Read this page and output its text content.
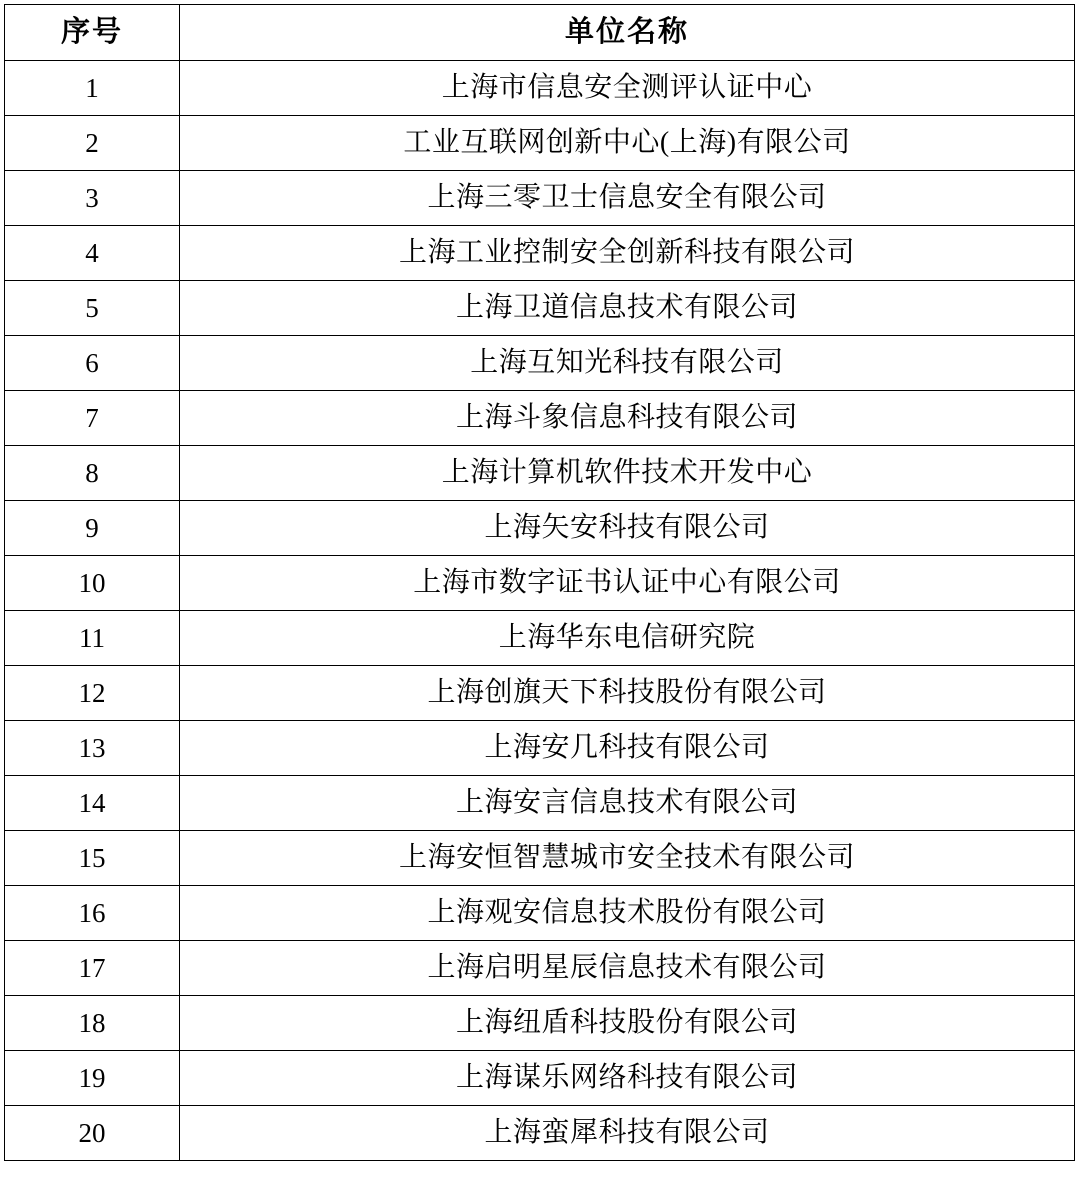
序号	单位名称
1	上海市信息安全测评认证中心
2	工业互联网创新中心(上海)有限公司
3	上海三零卫士信息安全有限公司
4	上海工业控制安全创新科技有限公司
5	上海卫道信息技术有限公司
6	上海互知光科技有限公司
7	上海斗象信息科技有限公司
8	上海计算机软件技术开发中心
9	上海矢安科技有限公司
10	上海市数字证书认证中心有限公司
11	上海华东电信研究院
12	上海创旗天下科技股份有限公司
13	上海安几科技有限公司
14	上海安言信息技术有限公司
15	上海安恒智慧城市安全技术有限公司
16	上海观安信息技术股份有限公司
17	上海启明星辰信息技术有限公司
18	上海纽盾科技股份有限公司
19	上海谋乐网络科技有限公司
20	上海蛮犀科技有限公司
